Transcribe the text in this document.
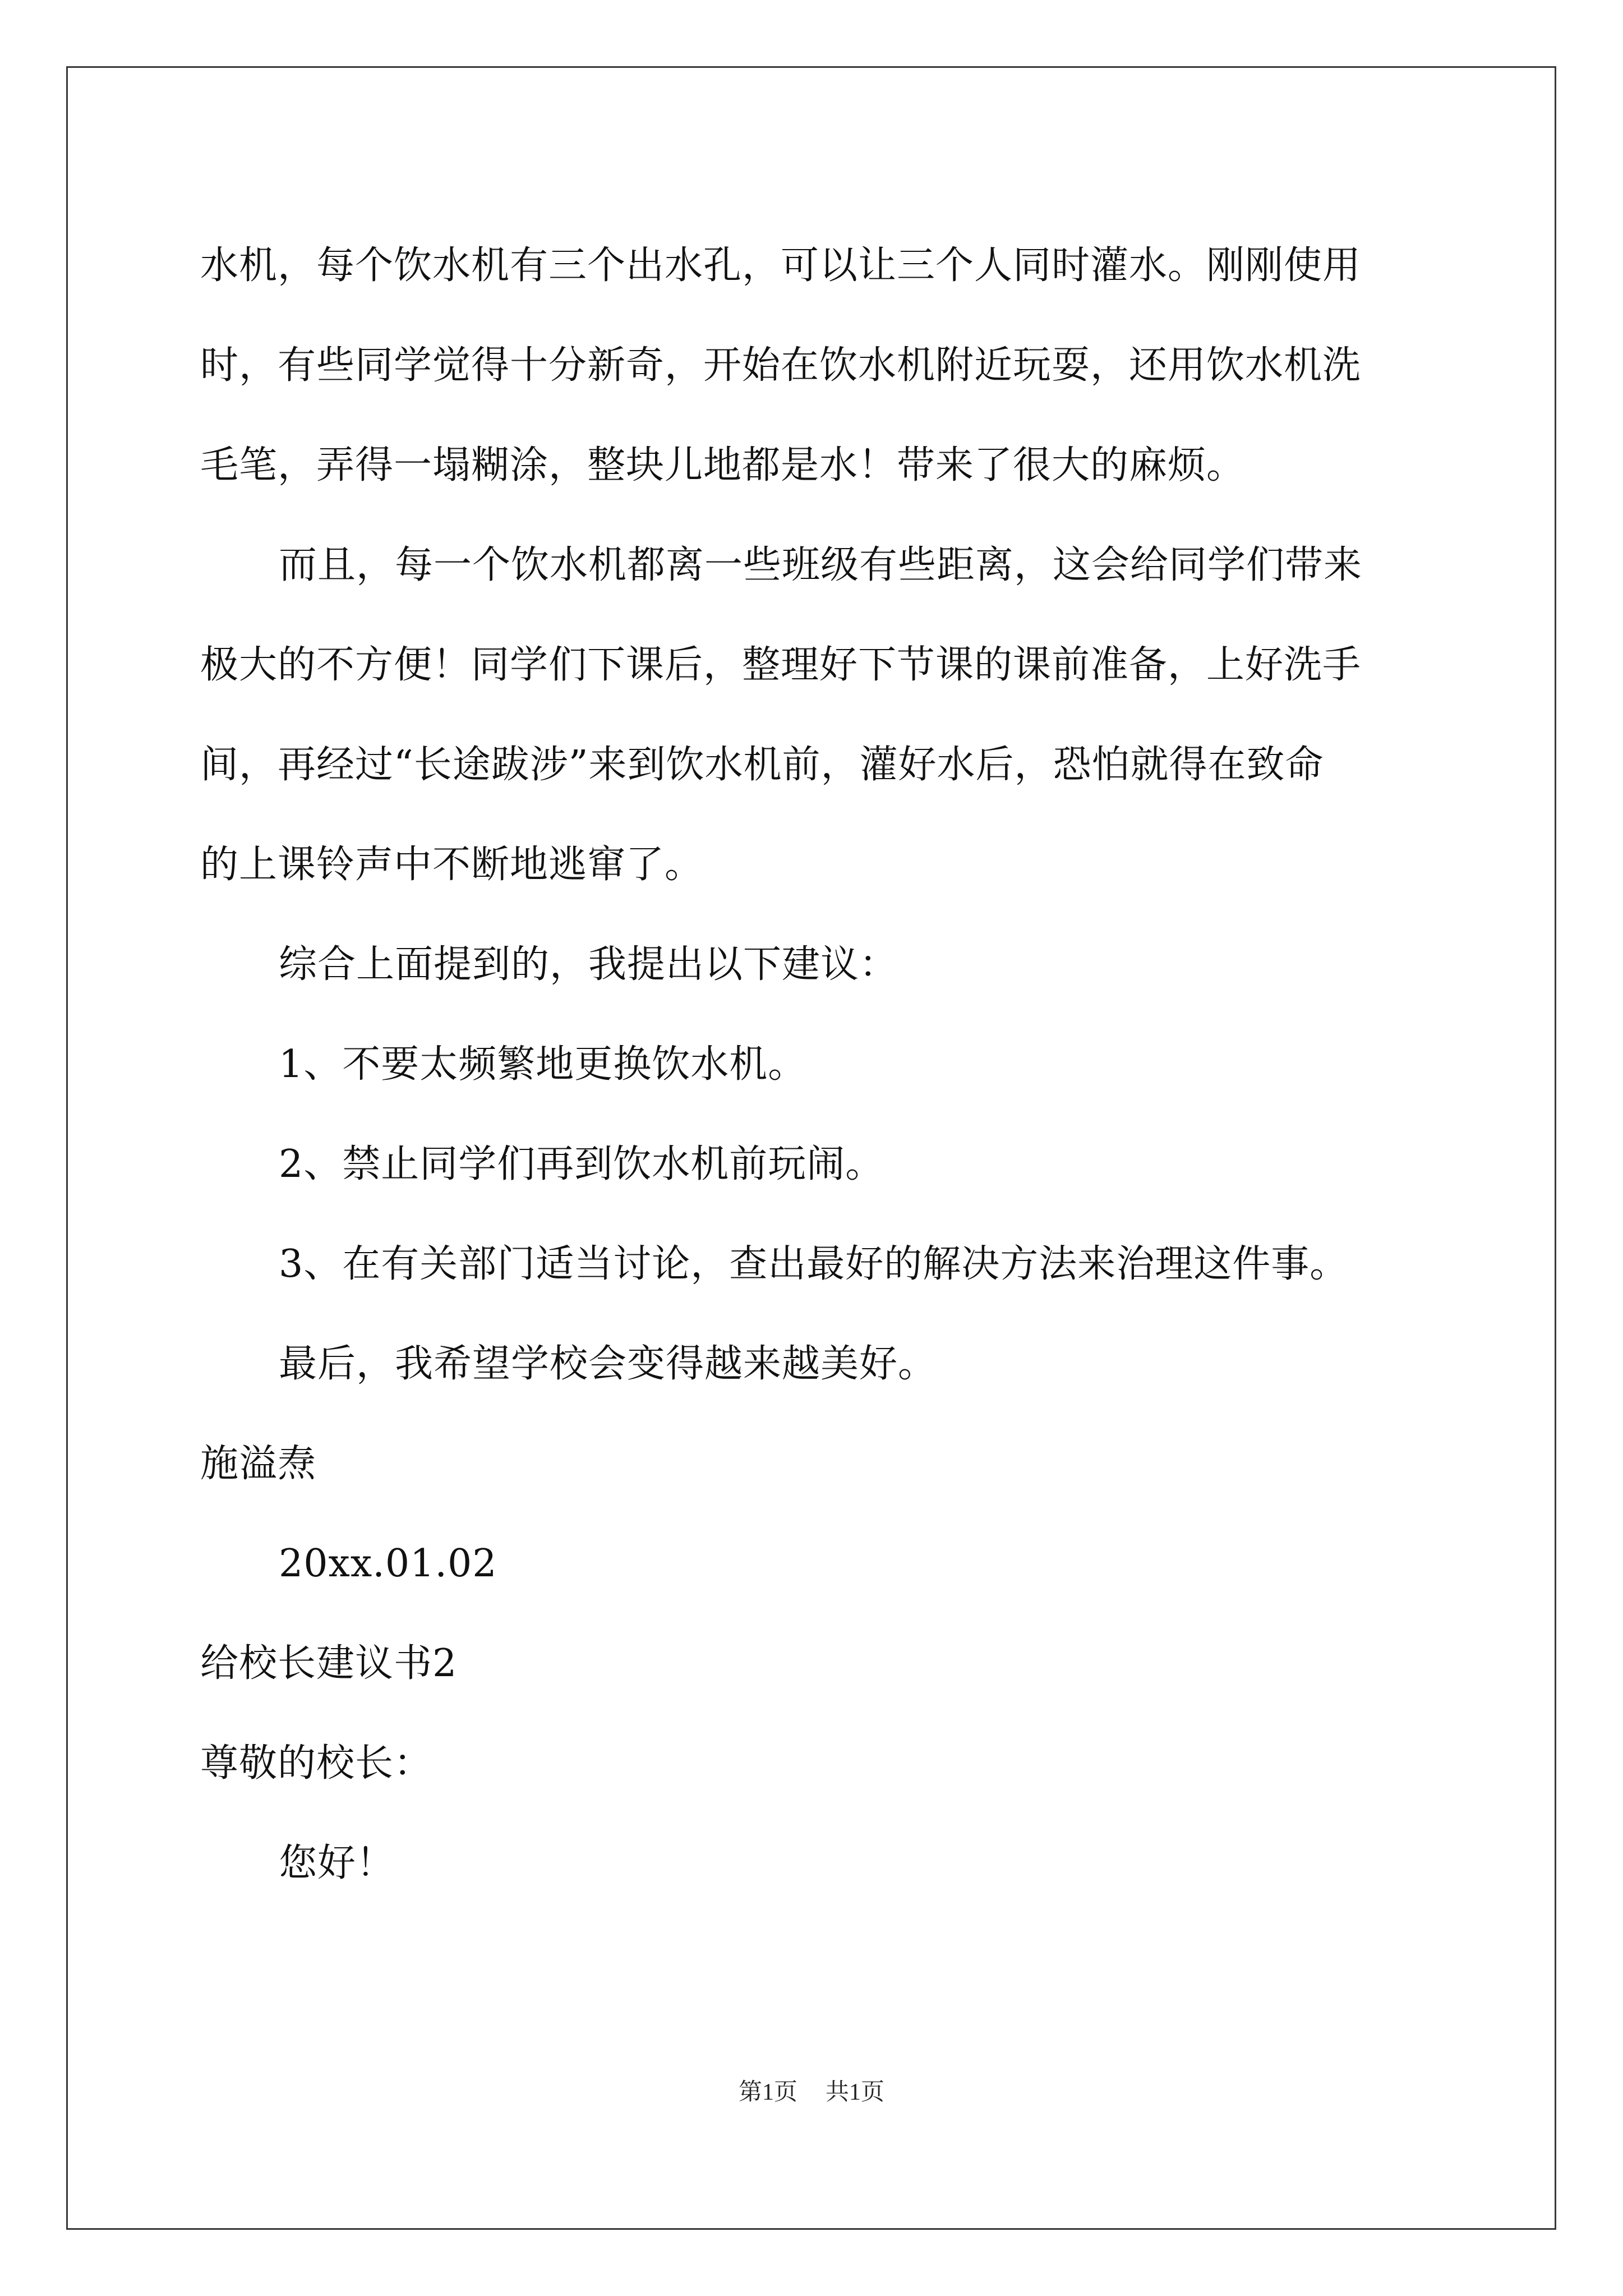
水机，每个饮水机有三个出水孔，可以让三个人同时灌水。刚刚使用
时，有些同学觉得十分新奇，开始在饮水机附近玩耍，还用饮水机洗
毛笔，弄得一塌糊涂，整块儿地都是水！带来了很大的麻烦。
而且，每一个饮水机都离一些班级有些距离，这会给同学们带来
极大的不方便！同学们下课后，整理好下节课的课前准备，上好洗手
间，再经过“长途跋涉”来到饮水机前，灌好水后，恐怕就得在致命
的上课铃声中不断地逃窜了。
综合上面提到的，我提出以下建议：
1、不要太频繁地更换饮水机。
2、禁止同学们再到饮水机前玩闹。
3、在有关部门适当讨论，查出最好的解决方法来治理这件事。
最后，我希望学校会变得越来越美好。
施溢焘
20xx.01.02
给校长建议书2
尊敬的校长：
您好！
第1页 共1页
